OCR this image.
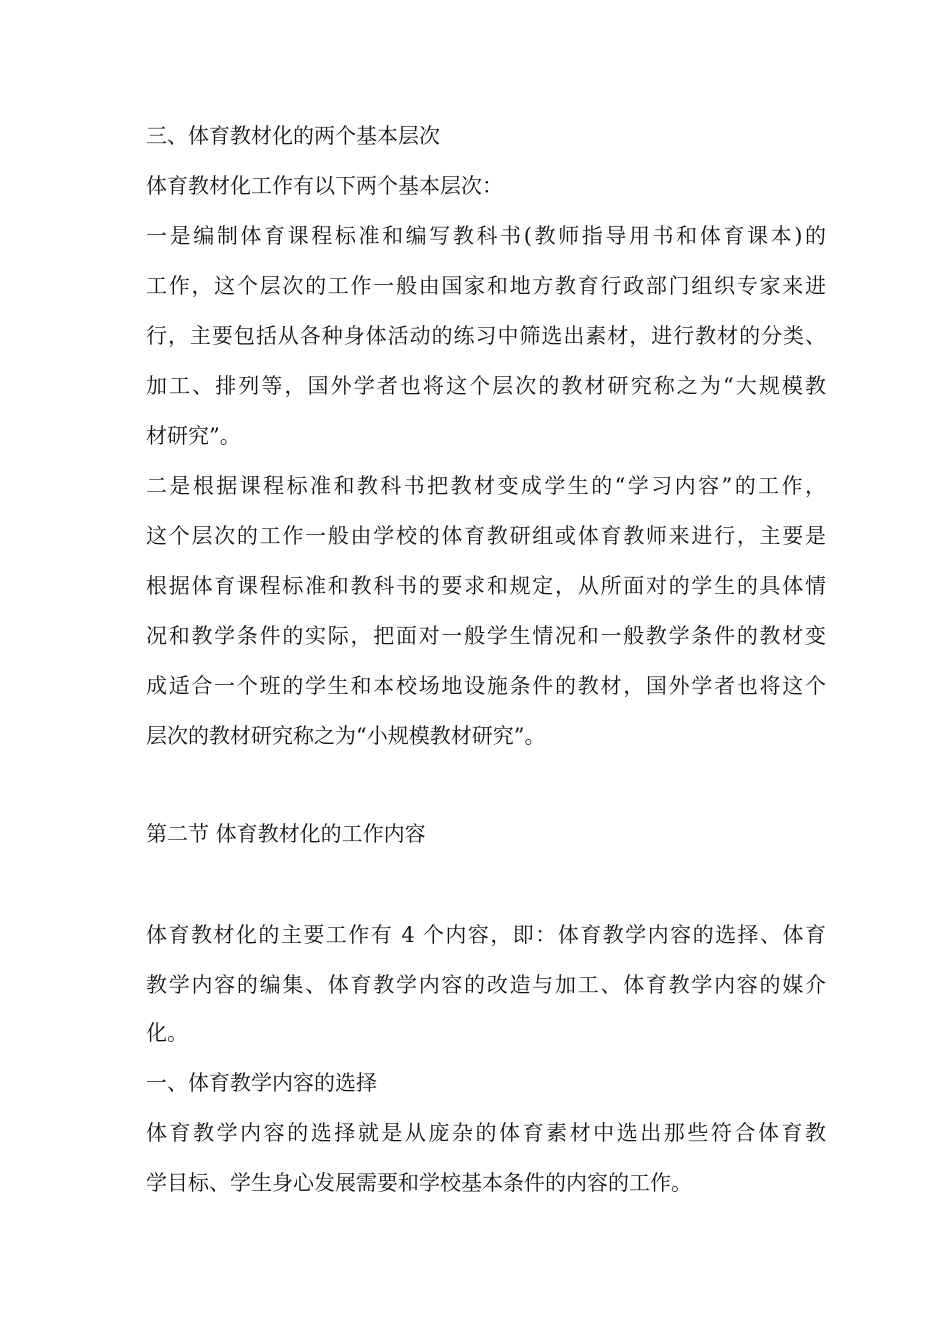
三、体育教材化的两个基本层次

体育教材化工作有以下两个基本层次：

一是编制体育课程标准和编写教科书(教师指导用书和体育课本)的

工作，这个层次的工作一般由国家和地方教育行政部门组织专家来进

行，主要包括从各种身体活动的练习中筛选出素材，进行教材的分类、

加工、排列等，国外学者也将这个层次的教材研究称之为“大规模教

材研究”。

二是根据课程标准和教科书把教材变成学生的“学习内容”的工作，

这个层次的工作一般由学校的体育教研组或体育教师来进行，主要是

根据体育课程标准和教科书的要求和规定，从所面对的学生的具体情

况和教学条件的实际，把面对一般学生情况和一般教学条件的教材变

成适合一个班的学生和本校场地设施条件的教材，国外学者也将这个

层次的教材研究称之为“小规模教材研究”。

第二节 体育教材化的工作内容

体育教材化的主要工作有 4 个内容，即：体育教学内容的选择、体育

教学内容的编集、体育教学内容的改造与加工、体育教学内容的媒介

化。

一、体育教学内容的选择

体育教学内容的选择就是从庞杂的体育素材中选出那些符合体育教

学目标、学生身心发展需要和学校基本条件的内容的工作。
